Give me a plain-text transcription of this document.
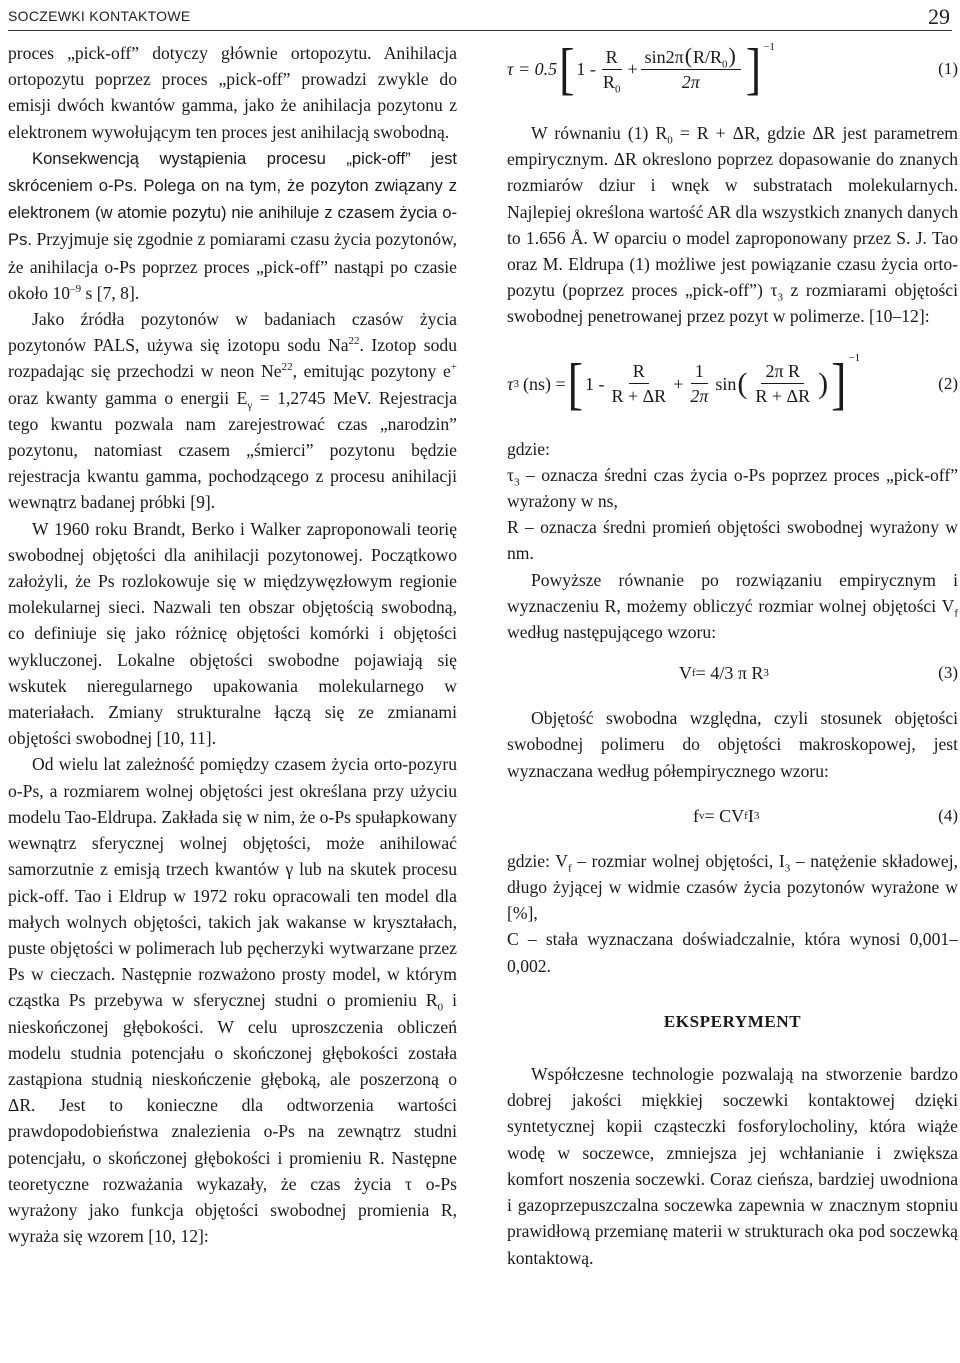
SOCZEWKI KONTAKTOWE	29

proces „pick-off” dotyczy głównie ortopozytu. Anihilacja ortopozytu poprzez proces „pick-off” prowadzi zwykle do emisji dwóch kwantów gamma, jako że anihilacja pozytonu z elektronem wywołującym ten proces jest anihilacją swobodną.

Konsekwencją wystąpienia procesu „pick-off” jest skróceniem o-Ps. Polega on na tym, że pozyton związany z elektronem (w atomie pozytu) nie anihiluje z czasem życia o-Ps. Przyjmuje się zgodnie z pomiarami czasu życia pozytonów, że anihilacja o-Ps poprzez proces „pick-off” nastąpi po czasie około $10^{-9}$ s [7, 8].

Jako źródła pozytonów w badaniach czasów życia pozytonów PALS, używa się izotopu sodu Na$^{22}$. Izotop sodu rozpadając się przechodzi w neon Ne$^{22}$, emitując pozytony e+ oraz kwanty gamma o energii $E_\gamma = 1,2745$ MeV. Rejestracja tego kwantu pozwala nam zarejestrować czas „narodzin” pozytonu, natomiast czasem „śmierci” pozytonu będzie rejestracja kwantu gamma, pochodzącego z procesu anihilacji wewnątrz badanej próbki [9].

W 1960 roku Brandt, Berko i Walker zaproponowali teorię swobodnej objętości dla anihilacji pozytonowej. Początkowo założyli, że Ps rozlokowuje się w międzywęzłowym regionie molekularnej sieci. Nazwali ten obszar objętością swobodną, co definiuje się jako różnicę objętości komórki i objętości wykluczonej. Lokalne objętości swobodne pojawiają się wskutek nieregularnego upakowania molekularnego w materiałach. Zmiany strukturalne łączą się ze zmianami objętości swobodnej [10, 11].

Od wielu lat zależność pomiędzy czasem życia orto-pozyru o-Ps, a rozmiarem wolnej objętości jest określana przy użyciu modelu Tao-Eldrupa. Zakłada się w nim, że o-Ps spułapkowany wewnątrz sferycznej wolnej objętości, może anihilować samorzutnie z emisją trzech kwantów γ lub na skutek procesu pick-off. Tao i Eldrup w 1972 roku opracowali ten model dla małych wolnych objętości, takich jak wakanse w kryształach, puste objętości w polimerach lub pęcherzyki wytwarzane przez Ps w cieczach. Następnie rozważono prosty model, w którym cząstka Ps przebywa w sferycznej studni o promieniu $R_0$ i nieskończonej głębokości. W celu uproszczenia obliczeń modelu studnia potencjału o skończonej głębokości została zastąpiona studnią nieskończenie głęboką, ale poszerzoną o ΔR. Jest to konieczne dla odtworzenia wartości prawdopodobieństwa znalezienia o-Ps na zewnątrz studni potencjału, o skończonej głębokości i promieniu R. Następne teoretyczne rozważania wykazały, że czas życia τ o-Ps wyrażony jako funkcja objętości swobodnej promienia R, wyraża się wzorem [10, 12]:

τ = 0.5 [ $1 - \frac{R}{R_0} + \frac{\sin 2\pi(R/R_0)}{2\pi} ]^{-1}$
(1)

W równaniu (1) $R_0 = R + \Delta R$, gdzie ΔR jest parametrem empirycznym. ΔR okreslono poprzez dopasowanie do znanych rozmiarów dziur i wnęk w substratach molekularnych. Najlepiej określona wartość AR dla wszystkich znanych danych to 1.656 Å. W oparciu o model zaproponowany przez S. J. Tao oraz M. Eldrupa (1) możliwe jest powiązanie czasu życia orto-pozytu (poprzez proces „pick-off”) $\tau_3$ z rozmiarami objętości swobodnej penetrowanej przez pozyt w polimerze. [10–12]:

τ 3 (ns) = [ $1 - \frac{R}{R + \Delta R} + \frac{1}{2\pi}$ sin ( $\frac{\text{2π R}}{R + \Delta R}$ ) ]$^{-1}$
(2)

gdzie:

$\tau_3$ – oznacza średni czas życia o-Ps poprzez proces „pick-off” wyrażony w ns,

R – oznacza średni promień objętości swobodnej wyrażony w nm.

Powyższe równanie po rozwiązaniu empirycznym i wyznaczeniu R, możemy obliczyć rozmiar wolnej objętości $V_f$ według następującego wzoru:

V f = 4/3 π R 3	(3)

Objętość swobodna względna, czyli stosunek objętości swobodnej polimeru do objętości makroskopowej, jest wyznaczana według półempirycznego wzoru:

f v = CV f I 3	(4)

gdzie: $V_f$ – rozmiar wolnej objętości, $I_3$ – natężenie składowej, długo żyjącej w widmie czasów życia pozytonów wyrażone w [%],

C – stała wyznaczana doświadczalnie, która wynosi 0,001–0,002.

EKSPERYMENT

Współczesne technologie pozwalają na stworzenie bardzo dobrej jakości miękkiej soczewki kontaktowej dzięki syntetycznej kopii cząsteczki fosforylocholiny, która wiąże wodę w soczewce, zmniejsza jej wchłanianie i zwiększa komfort noszenia soczewki. Coraz cieńsza, bardziej uwodniona i gazoprzepuszczalna soczewka zapewnia w znacznym stopniu prawidłową przemianę materii w strukturach oka pod soczewką kontaktową.
